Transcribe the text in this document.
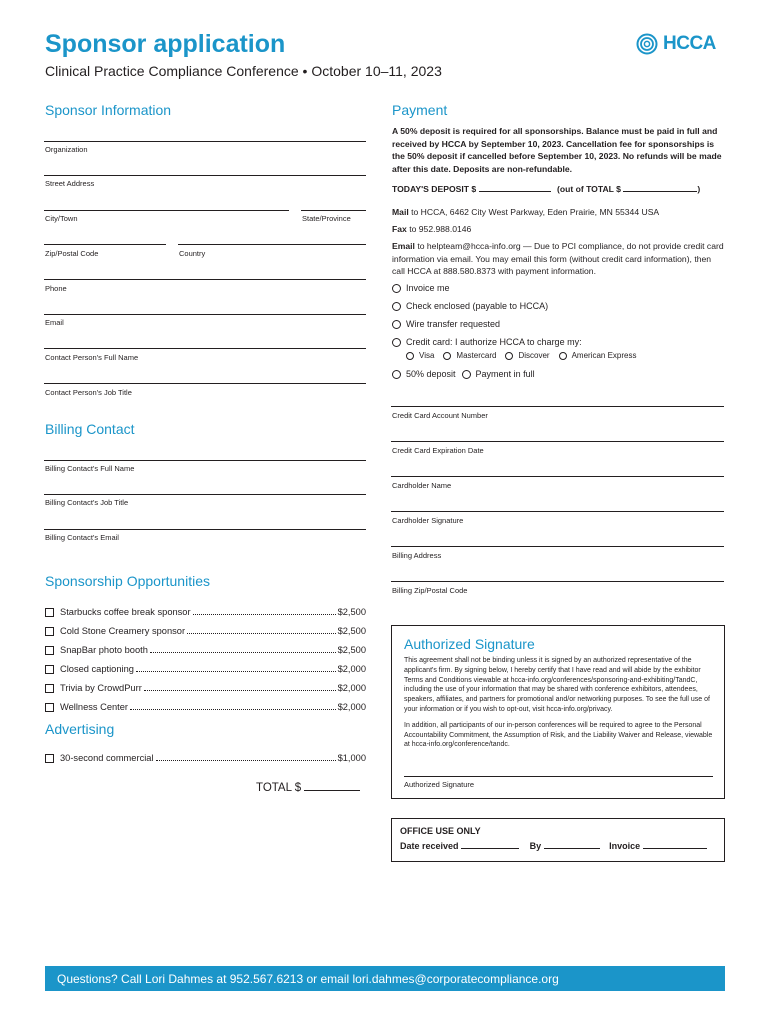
Sponsor application
Clinical Practice Compliance Conference • October 10–11, 2023
HCCA
Sponsor Information
Organization
Street Address
City/Town	State/Province
Zip/Postal Code	Country
Phone
Email
Contact Person's Full Name
Contact Person's Job Title
Billing Contact
Billing Contact's Full Name
Billing Contact's Job Title
Billing Contact's Email
Sponsorship Opportunities
Starbucks coffee break sponsor	$2,500
Cold Stone Creamery sponsor	$2,500
SnapBar photo booth	$2,500
Closed captioning	$2,000
Trivia by CrowdPurr	$2,000
Wellness Center	$2,000
Advertising
30-second commercial	$1,000
TOTAL $
Payment
A 50% deposit is required for all sponsorships. Balance must be paid in full and received by HCCA by September 10, 2023. Cancellation fee for sponsorships is the 50% deposit if cancelled before September 10, 2023. No refunds will be made after this date. Deposits are non-refundable.
TODAY'S DEPOSIT $	(out of TOTAL $	)
Mail to HCCA, 6462 City West Parkway, Eden Prairie, MN 55344 USA
Fax to 952.988.0146
Email to helpteam@hcca-info.org — Due to PCI compliance, do not provide credit card information via email. You may email this form (without credit card information), then call HCCA at 888.580.8373 with payment information.
Invoice me
Check enclosed (payable to HCCA)
Wire transfer requested
Credit card: I authorize HCCA to charge my:
Visa	Mastercard	Discover	American Express
50% deposit Payment in full
Credit Card Account Number
Credit Card Expiration Date
Cardholder Name
Cardholder Signature
Billing Address
Billing Zip/Postal Code
Authorized Signature
This agreement shall not be binding unless it is signed by an authorized representative of the applicant's firm. By signing below, I hereby certify that I have read and will abide by the exhibitor Terms and Conditions viewable at hcca-info.org/conferences/sponsoring-and-exhibiting/TandC, including the use of your information that may be shared with conference exhibitors, attendees, speakers, affiliates, and partners for promotional and/or networking purposes. To see the full use of your information or if you wish to opt-out, visit hcca-info.org/privacy.
In addition, all participants of our in-person conferences will be required to agree to the Personal Accountability Commitment, the Assumption of Risk, and the Liability Waiver and Release, viewable at hcca-info.org/conference/tandc.
Authorized Signature
OFFICE USE ONLY
Date received	By	Invoice
Questions? Call Lori Dahmes at 952.567.6213 or email lori.dahmes@corporatecompliance.org
